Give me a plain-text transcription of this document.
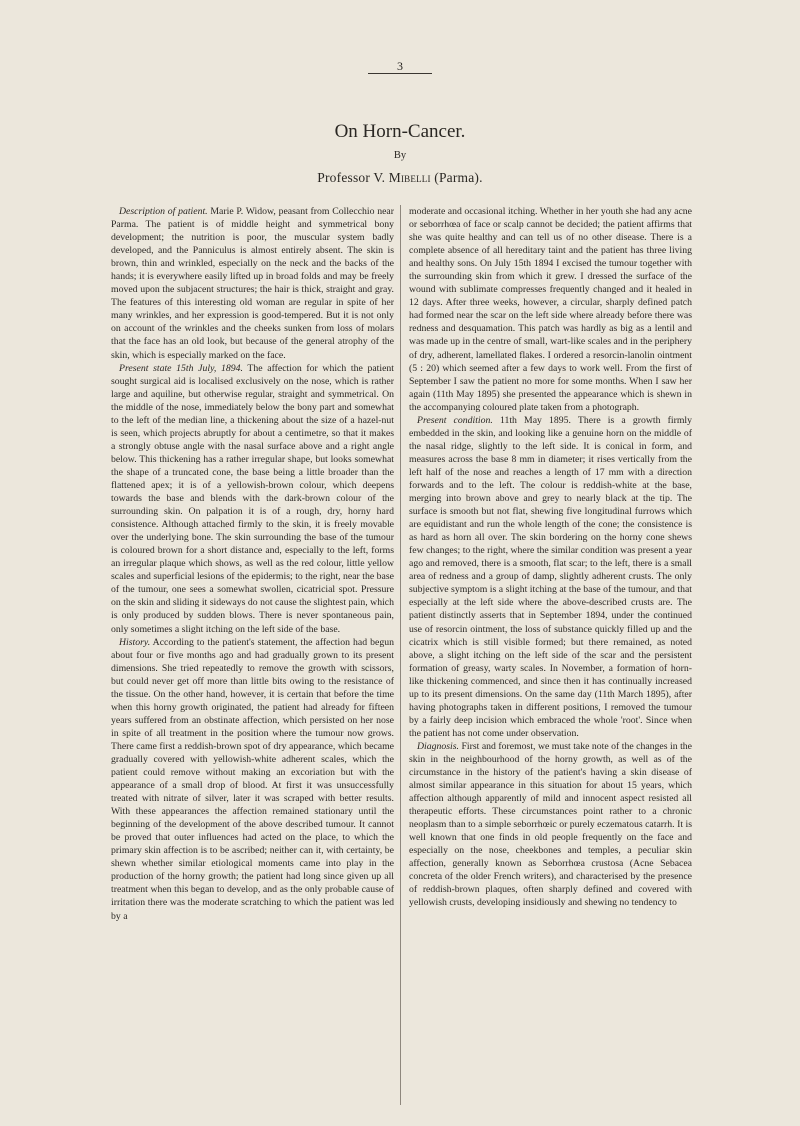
3
On Horn-Cancer.
By
Professor V. Mibelli (Parma).

Description of patient. Marie P. Widow, peasant from Collecchio near Parma. The patient is of middle height and symmetrical bony development; the nutrition is poor, the muscular system badly developed, and the Panniculus is almost entirely absent. The skin is brown, thin and wrinkled, especially on the neck and the backs of the hands; it is everywhere easily lifted up in broad folds and may be freely moved upon the subjacent structures; the hair is thick, straight and gray. The features of this interesting old woman are regular in spite of her many wrinkles, and her expression is good-tempered. But it is not only on account of the wrinkles and the cheeks sunken from loss of molars that the face has an old look, but because of the general atrophy of the skin, which is especially marked on the face.

Present state 15th July, 1894. The affection for which the patient sought surgical aid is localised exclusively on the nose, which is rather large and aquiline, but otherwise regular, straight and symmetrical. On the middle of the nose, immediately below the bony part and somewhat to the left of the median line, a thickening about the size of a hazel-nut is seen, which projects abruptly for about a centimetre, so that it makes a strongly obtuse angle with the nasal surface above and a right angle below. This thickening has a rather irregular shape, but looks somewhat the shape of a truncated cone, the base being a little broader than the flattened apex; it is of a yellowish-brown colour, which deepens towards the base and blends with the dark-brown colour of the surrounding skin. On palpation it is of a rough, dry, horny hard consistence. Although attached firmly to the skin, it is freely movable over the underlying bone. The skin surrounding the base of the tumour is coloured brown for a short distance and, especially to the left, forms an irregular plaque which shows, as well as the red colour, little yellow scales and superficial lesions of the epidermis; to the right, near the base of the tumour, one sees a somewhat swollen, cicatricial spot. Pressure on the skin and sliding it sideways do not cause the slightest pain, which is only produced by sudden blows. There is never spontaneous pain, only sometimes a slight itching on the left side of the base.

History. According to the patient's statement, the affection had begun about four or five months ago and had gradually grown to its present dimensions. She tried repeatedly to remove the growth with scissors, but could never get off more than little bits owing to the resistance of the tissue. On the other hand, however, it is certain that before the time when this horny growth originated, the patient had already for fifteen years suffered from an obstinate affection, which persisted on her nose in spite of all treatment in the position where the tumour now grows. There came first a reddish-brown spot of dry appearance, which became gradually covered with yellowish-white adherent scales, which the patient could remove without making an excoriation but with the appearance of a small drop of blood. At first it was unsuccessfully treated with nitrate of silver, later it was scraped with better results. With these appearances the affection remained stationary until the beginning of the development of the above described tumour. It cannot be proved that outer influences had acted on the place, to which the primary skin affection is to be ascribed; neither can it, with certainty, be shewn whether similar etiological moments came into play in the production of the horny growth; the patient had long since given up all treatment when this began to develop, and as the only probable cause of irritation there was the moderate scratching to which the patient was led by a

moderate and occasional itching. Whether in her youth she had any acne or seborrhœa of face or scalp cannot be decided; the patient affirms that she was quite healthy and can tell us of no other disease. There is a complete absence of all hereditary taint and the patient has three living and healthy sons. On July 15th 1894 I excised the tumour together with the surrounding skin from which it grew. I dressed the surface of the wound with sublimate compresses frequently changed and it healed in 12 days. After three weeks, however, a circular, sharply defined patch had formed near the scar on the left side where already before there was redness and desquamation. This patch was hardly as big as a lentil and was made up in the centre of small, wart-like scales and in the periphery of dry, adherent, lamellated flakes. I ordered a resorcin-lanolin ointment (5 : 20) which seemed after a few days to work well. From the first of September I saw the patient no more for some months. When I saw her again (11th May 1895) she presented the appearance which is shewn in the accompanying coloured plate taken from a photograph.

Present condition. 11th May 1895. There is a growth firmly embedded in the skin, and looking like a genuine horn on the middle of the nasal ridge, slightly to the left side. It is conical in form, and measures across the base 8 mm in diameter; it rises vertically from the left half of the nose and reaches a length of 17 mm with a direction forwards and to the left. The colour is reddish-white at the base, merging into brown above and grey to nearly black at the tip. The surface is smooth but not flat, shewing five longitudinal furrows which are equidistant and run the whole length of the cone; the consistence is as hard as horn all over. The skin bordering on the horny cone shews few changes; to the right, where the similar condition was present a year ago and removed, there is a smooth, flat scar; to the left, there is a small area of redness and a group of damp, slightly adherent crusts. The only subjective symptom is a slight itching at the base of the tumour, and that especially at the left side where the above-described crusts are. The patient distinctly asserts that in September 1894, under the continued use of resorcin ointment, the loss of substance quickly filled up and the cicatrix which is still visible formed; but there remained, as noted above, a slight itching on the left side of the scar and the persistent formation of greasy, warty scales. In November, a formation of horn-like thickening commenced, and since then it has continually increased up to its present dimensions. On the same day (11th March 1895), after having photographs taken in different positions, I removed the tumour by a fairly deep incision which embraced the whole 'root'. Since when the patient has not come under observation.

Diagnosis. First and foremost, we must take note of the changes in the skin in the neighbourhood of the horny growth, as well as of the circumstance in the history of the patient's having a skin disease of almost similar appearance in this situation for about 15 years, which affection although apparently of mild and innocent aspect resisted all therapeutic efforts. These circumstances point rather to a chronic neoplasm than to a simple seborrhœic or purely eczematous catarrh. It is well known that one finds in old people frequently on the face and especially on the nose, cheekbones and temples, a peculiar skin affection, generally known as Seborrhœa crustosa (Acne Sebacea concreta of the older French writers), and characterised by the presence of reddish-brown plaques, often sharply defined and covered with yellowish crusts, developing insidiously and shewing no tendency to
